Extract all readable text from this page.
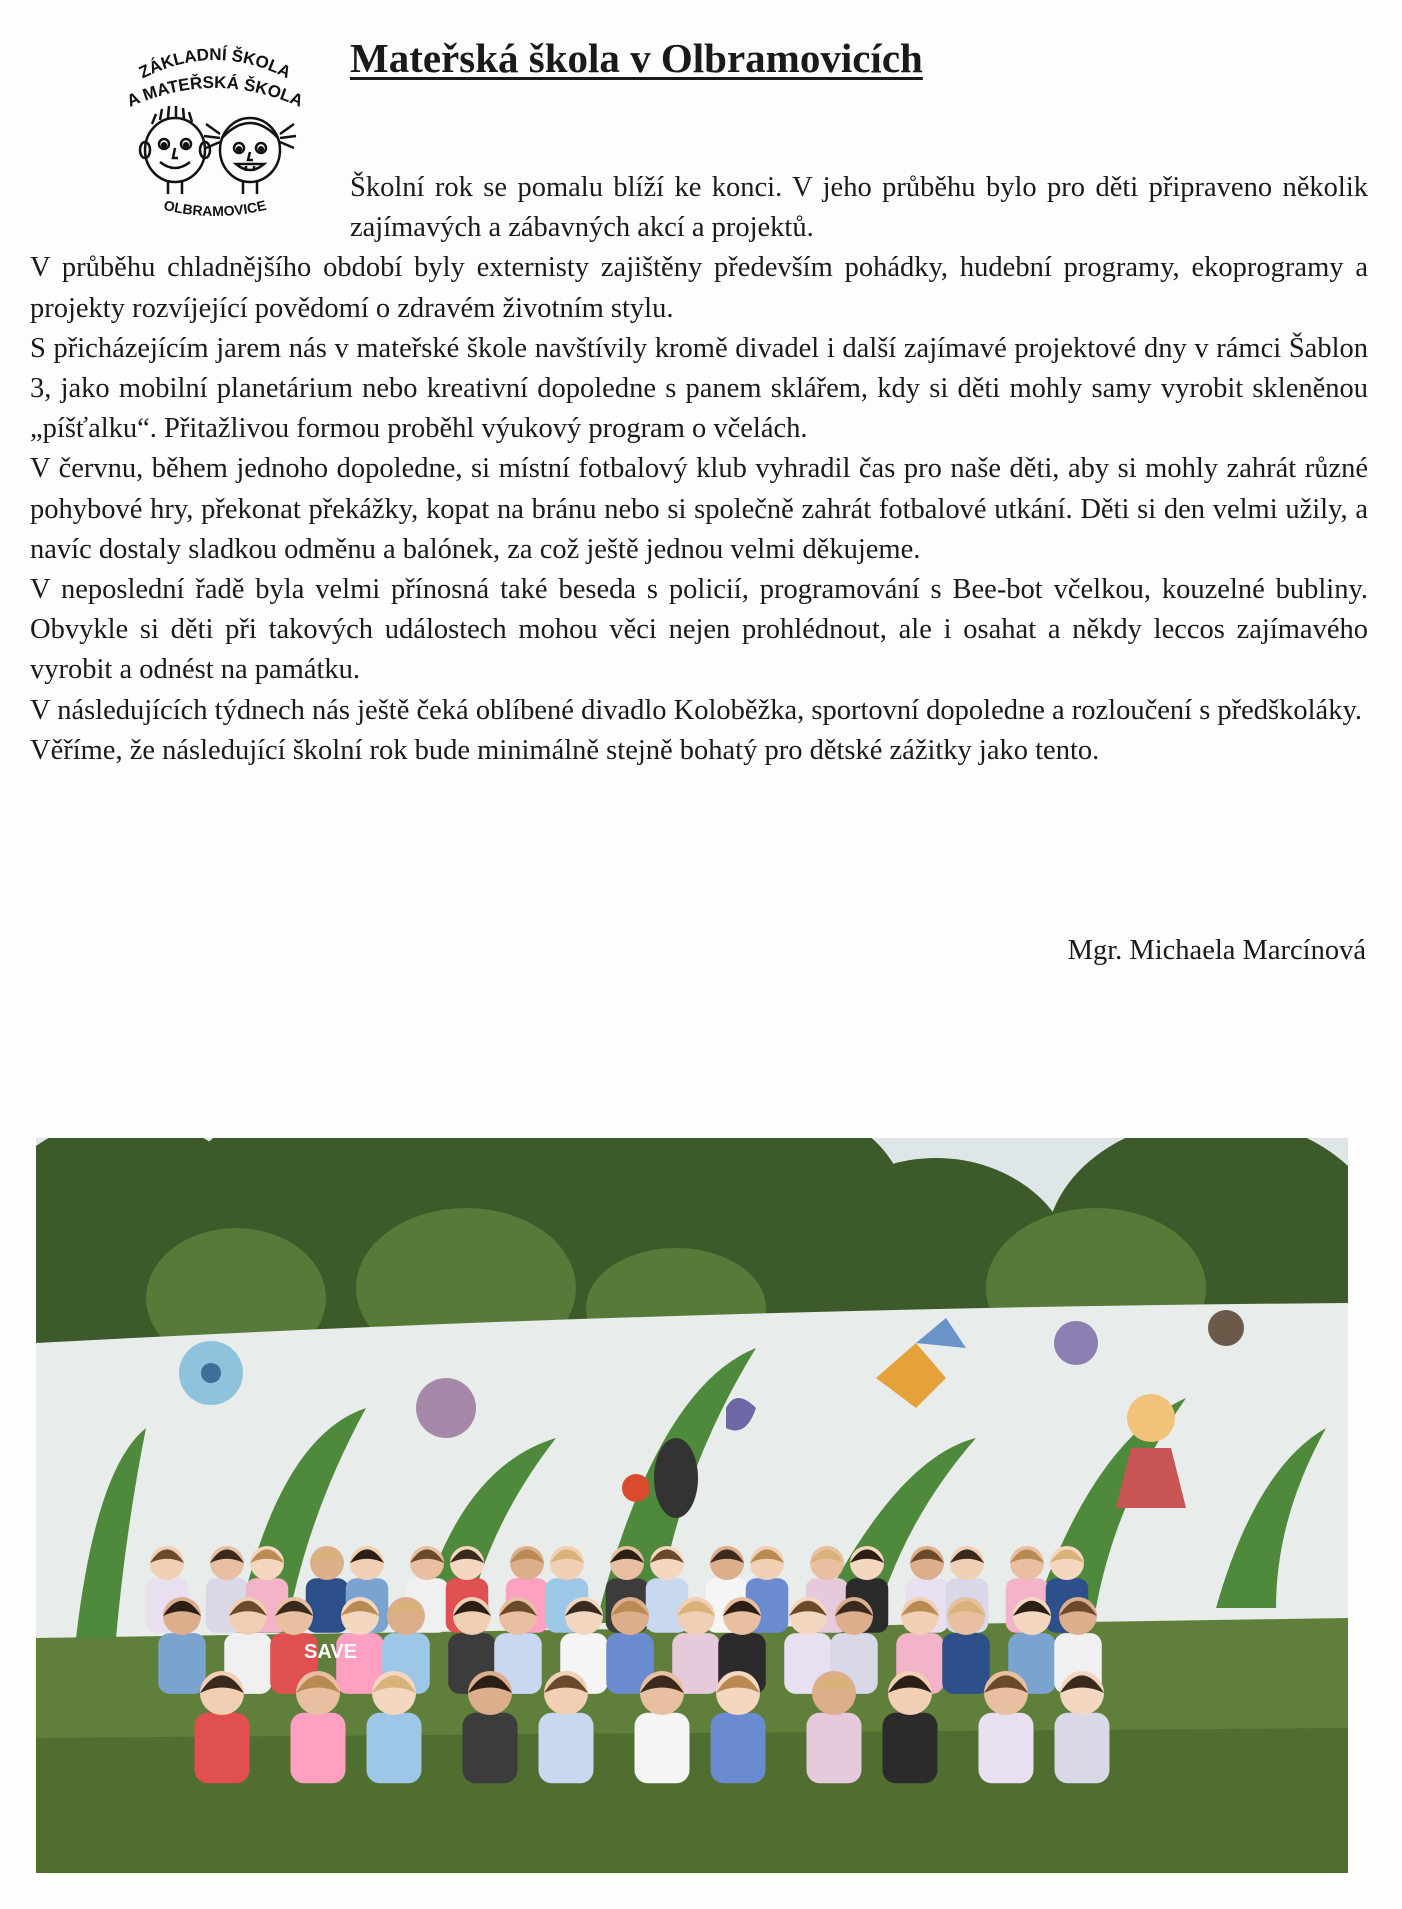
ZÁKLADNÍ ŠKOLA
A MATEŘSKÁ ŠKOLA
OLBRAMOVICE
Mateřská škola v Olbramovicích

Školní rok se pomalu blíží ke konci. V jeho průběhu bylo pro děti připraveno několik zajímavých a zábavných akcí a projektů.

V průběhu chladnějšího období byly externisty zajištěny především pohádky, hudební programy, ekoprogramy a projekty rozvíjející povědomí o zdravém životním stylu.

S přicházejícím jarem nás v mateřské škole navštívily kromě divadel i další zajímavé projektové dny v rámci Šablon 3, jako mobilní planetárium nebo kreativní dopoledne s panem sklářem, kdy si děti mohly samy vyrobit skleněnou „píšťalku“. Přitažlivou formou proběhl výukový program o včelách.

V červnu, během jednoho dopoledne, si místní fotbalový klub vyhradil čas pro naše děti, aby si mohly zahrát různé pohybové hry, překonat překážky, kopat na bránu nebo si společně zahrát fotbalové utkání. Děti si den velmi užily, a navíc dostaly sladkou odměnu a balónek, za což ještě jednou velmi děkujeme.

V neposlední řadě byla velmi přínosná také beseda s policií, programování s Bee-bot včelkou, kouzelné bubliny. Obvykle si děti při takových událostech mohou věci nejen prohlédnout, ale i osahat a někdy leccos zajímavého vyrobit a odnést na památku.

V následujících týdnech nás ještě čeká oblíbené divadlo Koloběžka, sportovní dopoledne a rozloučení s předškoláky.

Věříme, že následující školní rok bude minimálně stejně bohatý pro dětské zážitky jako tento.

Mgr. Michaela Marcínová
SAVE
